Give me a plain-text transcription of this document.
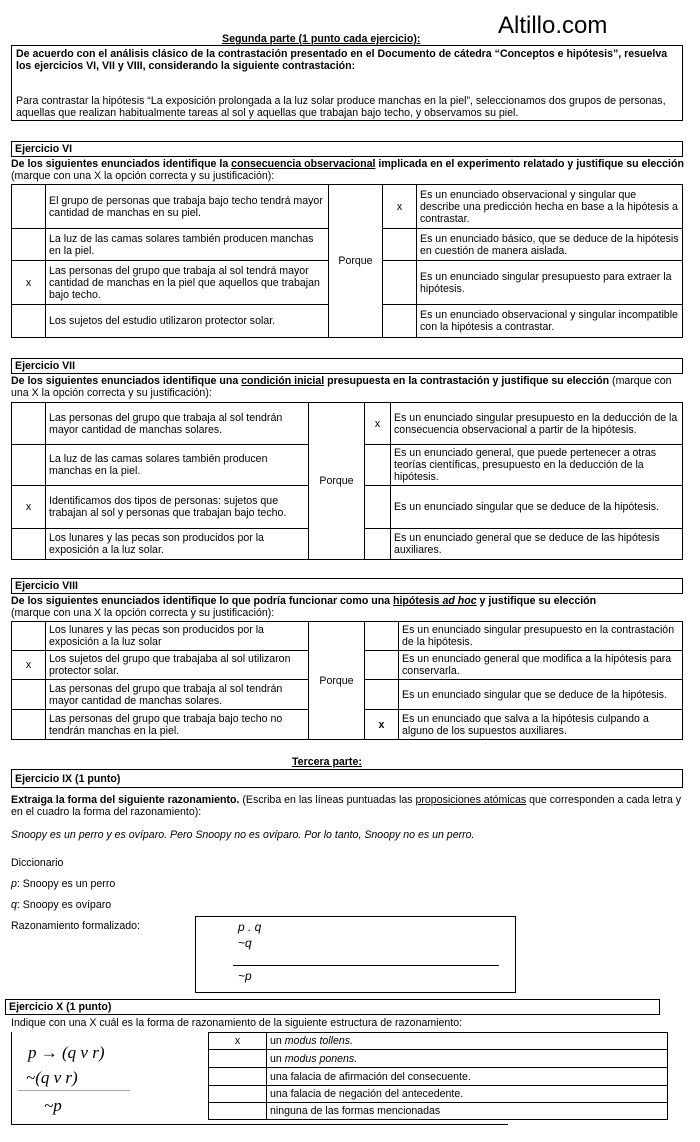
Altillo.com
Segunda parte (1 punto cada ejercicio):
De acuerdo con el análisis clásico de la contrastación presentado en el Documento de cátedra “Conceptos e hipótesis”, resuelva los ejercicios VI, VII y VIII, considerando la siguiente contrastación:
Para contrastar la hipótesis “La exposición prolongada a la luz solar produce manchas en la piel”, seleccionamos dos grupos de personas, aquellas que realizan habitualmente tareas al sol y aquellas que trabajan bajo techo, y observamos su piel.
Ejercicio VI
De los siguientes enunciados identifique la consecuencia observacional implicada en el experimento relatado y justifique su elección (marque con una X la opción correcta y su justificación):
	El grupo de personas que trabaja bajo techo tendrá mayor cantidad de manchas en su piel.	Porque	x	Es un enunciado observacional y singular que describe una predicción hecha en base a la hipótesis a contrastar.
	La luz de las camas solares también producen manchas en la piel.			Es un enunciado básico, que se deduce de la hipótesis en cuestión de manera aislada.
x	Las personas del grupo que trabaja al sol tendrá mayor cantidad de manchas en la piel que aquellos que trabajan bajo techo.			Es un enunciado singular presupuesto para extraer la hipótesis.
	Los sujetos del estudio utilizaron protector solar.			Es un enunciado observacional y singular incompatible con la hipótesis a contrastar.
Ejercicio VII
De los siguientes enunciados identifique una condición inicial presupuesta en la contrastación y justifique su elección (marque con una X la opción correcta y su justificación):
	Las personas del grupo que trabaja al sol tendrán mayor cantidad de manchas solares.	Porque	x	Es un enunciado singular presupuesto en la deducción de la consecuencia observacional a partir de la hipótesis.
	La luz de las camas solares también producen manchas en la piel.			Es un enunciado general, que puede pertenecer a otras teorías científicas, presupuesto en la deducción de la hipótesis.
x	Identificamos dos tipos de personas: sujetos que trabajan al sol y personas que trabajan bajo techo.			Es un enunciado singular que se deduce de la hipótesis.
	Los lunares y las pecas son producidos por la exposición a la luz solar.			Es un enunciado general que se deduce de las hipótesis auxiliares.
Ejercicio VIII
De los siguientes enunciados identifique lo que podría funcionar como una hipótesis ad hoc y justifique su elección
(marque con una X la opción correcta y su justificación):
	Los lunares y las pecas son producidos por la exposición a la luz solar	Porque		Es un enunciado singular presupuesto en la contrastación de la hipótesis.
x	Los sujetos del grupo que trabajaba al sol utilizaron protector solar.			Es un enunciado general que modifica a la hipótesis para conservarla.
	Las personas del grupo que trabaja al sol tendrán mayor cantidad de manchas solares.			Es un enunciado singular que se deduce de la hipótesis.
	Las personas del grupo que trabaja bajo techo no tendrán manchas en la piel.		x	Es un enunciado que salva a la hipótesis culpando a alguno de los supuestos auxiliares.
Tercera parte:
Ejercicio IX (1 punto)
Extraiga la forma del siguiente razonamiento. (Escriba en las líneas puntuadas las proposiciones atómicas que corresponden a cada letra y en el cuadro la forma del razonamiento):
Snoopy es un perro y es ovíparo. Pero Snoopy no es ovíparo. Por lo tanto, Snoopy no es un perro.
Diccionario
p: Snoopy es un perro
q: Snoopy es ovíparo
Razonamiento formalizado:	p . q
~q
~p
Ejercicio X (1 punto)
Indique con una X cuál es la forma de razonamiento de la siguiente estructura de razonamiento:
p → (q v r)
~(q v r)
~p
x	un modus tollens.
	un modus ponens.
	una falacia de afirmación del consecuente.
	una falacia de negación del antecedente.
	ninguna de las formas mencionadas
